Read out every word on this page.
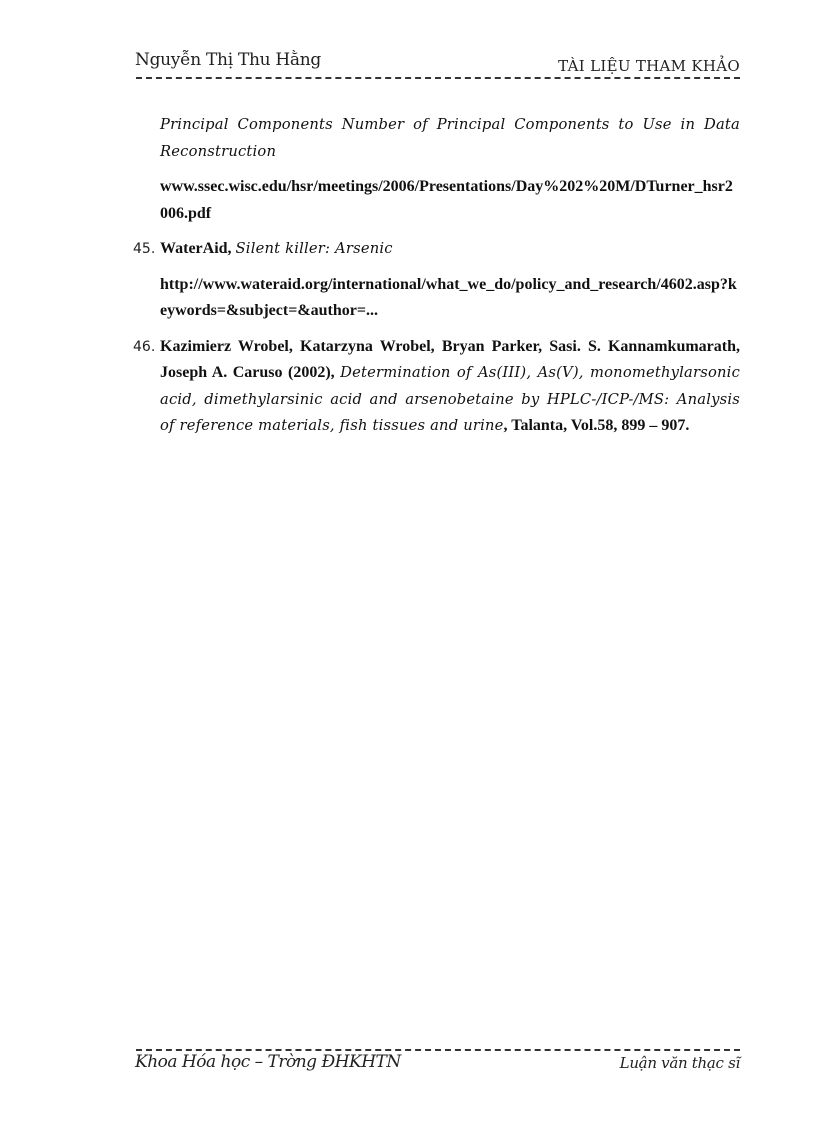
Nguyễn Thị Thu Hằng	TÀI LIỆU THAM KHẢO

Principal Components Number of Principal Components to Use in Data Reconstruction

www.ssec.wisc.edu/hsr/meetings/2006/Presentations/Day%202%20M/DTurner_hsr2006.pdf

45. WaterAid, Silent killer: Arsenic

http://www.wateraid.org/international/what_we_do/policy_and_research/4602.asp?keywords=&subject=&author=...

46. Kazimierz Wrobel, Katarzyna Wrobel, Bryan Parker, Sasi. S. Kannamkumarath, Joseph A. Caruso (2002), Determination of As(III), As(V), monomethylarsonic acid, dimethylarsinic acid and arsenobetaine by HPLC-/ICP-/MS: Analysis of reference materials, fish tissues and urine, Talanta, Vol.58, 899 – 907.

Khoa Hóa học – Trờng ĐHKHTN	Luận văn thạc sĩ
